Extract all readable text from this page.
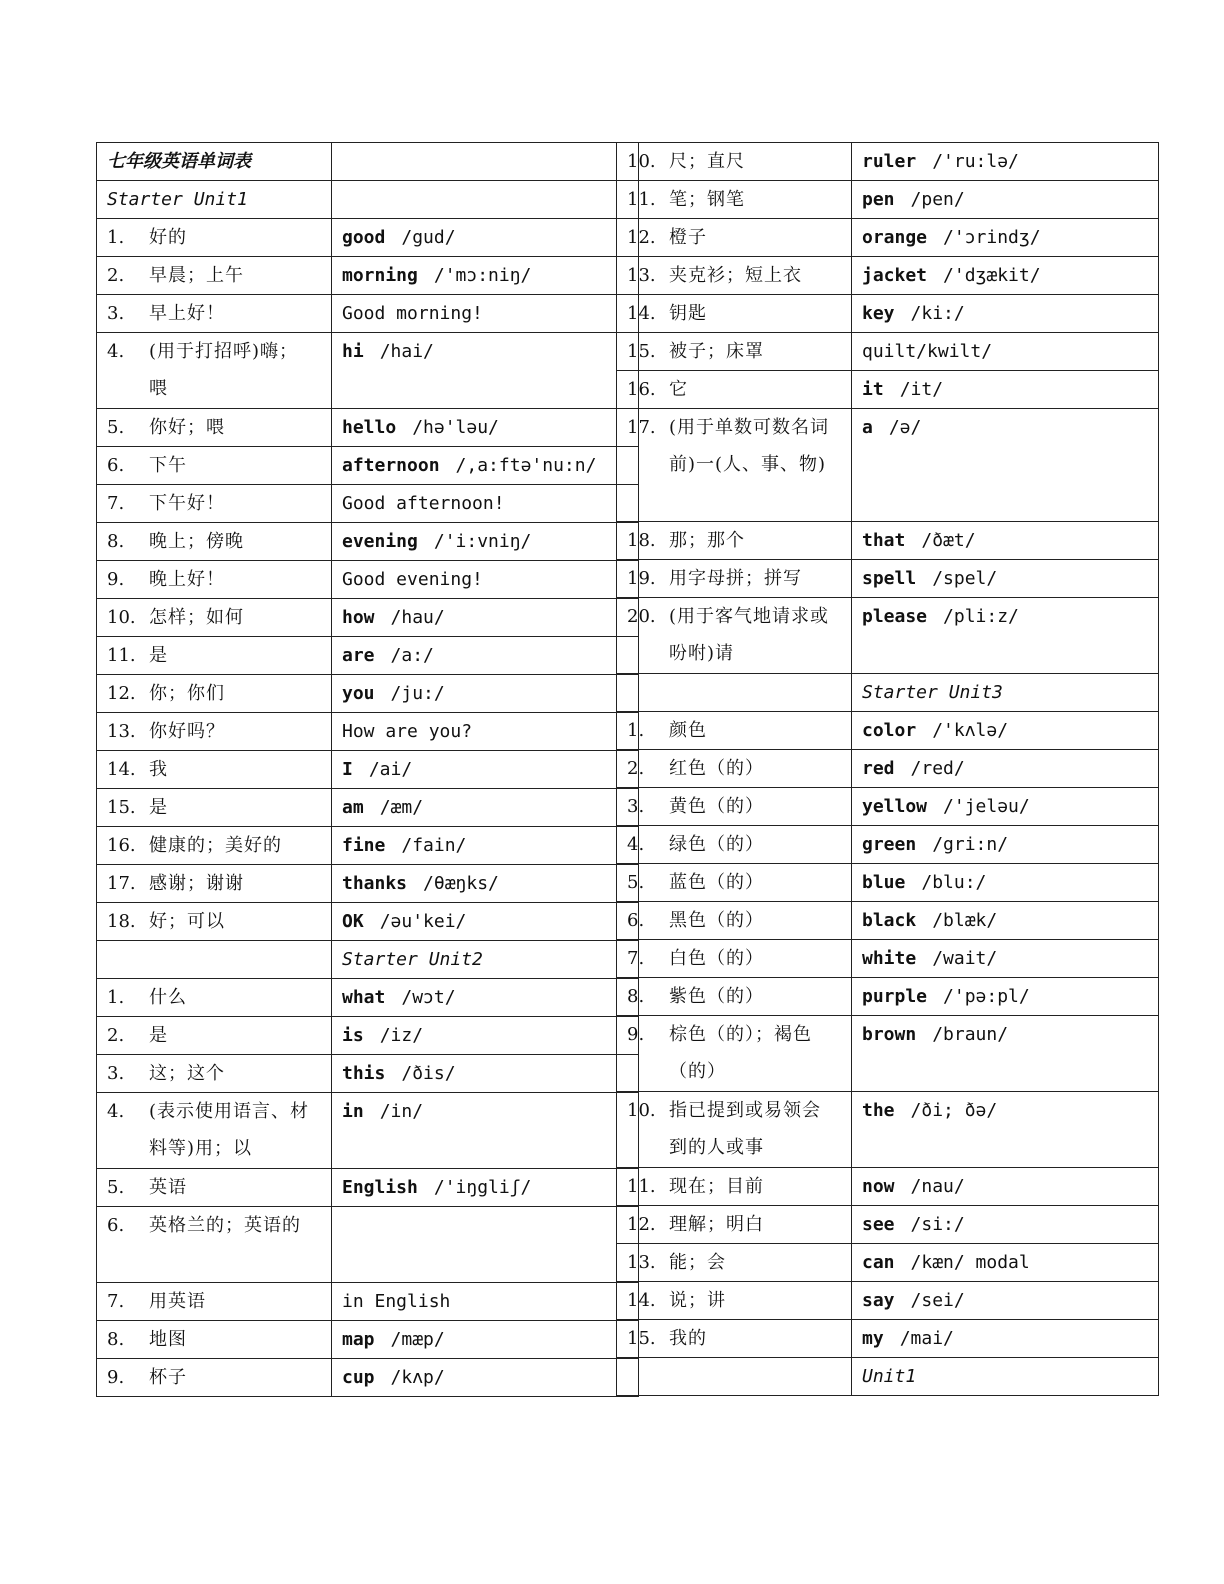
七年级英语单词表	
Starter Unit1	
1. 好的	good /gud/
2. 早晨；上午	morning /'mɔ:niŋ/
3. 早上好！	Good morning!
4. (用于打招呼)嗨；喂	hi /hai/
5. 你好；喂	hello /hə'ləu/
6. 下午	afternoon /,a:ftə'nu:n/
7. 下午好！	Good afternoon!
8. 晚上；傍晚	evening /'i:vniŋ/
9. 晚上好！	Good evening!
10. 怎样；如何	how /hau/
11. 是	are /a:/
12. 你；你们	you /ju:/
13. 你好吗？	How are you?
14. 我	I /ai/
15. 是	am /æm/
16. 健康的；美好的	fine /fain/
17. 感谢；谢谢	thanks /θæŋks/
18. 好；可以	OK /əu'kei/
	Starter Unit2
1. 什么	what /wɔt/
2. 是	is /iz/
3. 这；这个	this /ðis/
4. (表示使用语言、材料等)用；以	in /in/
5. 英语	English /'iŋgliʃ/
6. 英格兰的；英语的	
7. 用英语	in English
8. 地图	map /mæp/
9. 杯子	cup /kʌp/
10. 尺；直尺	ruler /'ru:lə/
11. 笔；钢笔	pen /pen/
12. 橙子	orange /'ɔrindʒ/
13. 夹克衫；短上衣	jacket /'dʒækit/
14. 钥匙	key /ki:/
15. 被子；床罩	quilt/kwilt/
16. 它	it /it/
17. (用于单数可数名词前)一(人、事、物)	a /ə/
18. 那；那个	that /ðæt/
19. 用字母拼；拼写	spell /spel/
20. (用于客气地请求或吩咐)请	please /pli:z/
	Starter Unit3
1. 颜色	color /'kʌlə/
2. 红色（的）	red /red/
3. 黄色（的）	yellow /'jeləu/
4. 绿色（的）	green /gri:n/
5. 蓝色（的）	blue /blu:/
6. 黑色（的）	black /blæk/
7. 白色（的）	white /wait/
8. 紫色（的）	purple /'pə:pl/
9. 棕色（的）；褐色（的）	brown /braun/
10. 指已提到或易领会到的人或事	the /ði; ðə/
11. 现在；目前	now /nau/
12. 理解；明白	see /si:/
13. 能；会	can /kæn/ modal
14. 说；讲	say /sei/
15. 我的	my /mai/
	Unit1
